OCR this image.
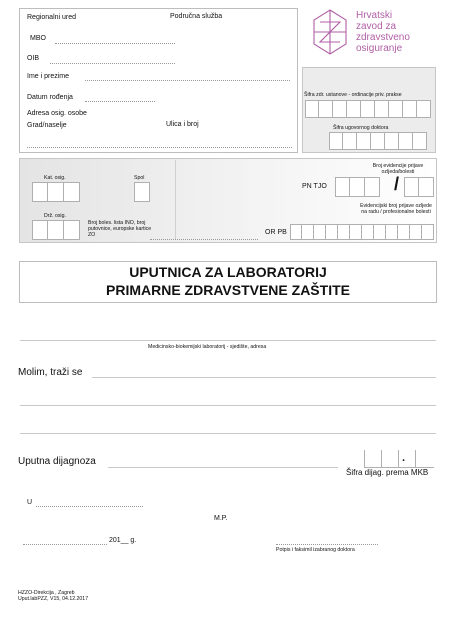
Regionalni ured	Područna služba
MBO
OIB
Ime i prezime
Datum rođenja
Adresa osig. osobe
Grad/naselje	Ulica i broj
Hrvatski
zavod za
zdravstveno
osiguranje
Šifra zdr. ustanove - ordinacije priv. prakse
Šifra ugovornog doktora
Kat. osig.	Spol
Broj evidencije prijave ozljeda/bolesti
PN TJO	/
Drž. osig.
Broj boles. lista INO, broj putovnice, europske kartice ZO
Evidencijski broj prijave ozljede na radu / profesionalne bolesti
OR PB
UPUTNICA ZA LABORATORIJ
PRIMARNE ZDRAVSTVENE ZAŠTITE
Medicinsko-biokemijski laboratorij - sjedište, adresa
Molim, traži se
Uputna dijagnoza	.
Šifra dijag. prema MKB
U
M.P.
201__ g.
Potpis i faksimil izabranog doktora
HZZO-Direkcija , Zagreb
Uput.labPZZ, V15, 04.12.2017
